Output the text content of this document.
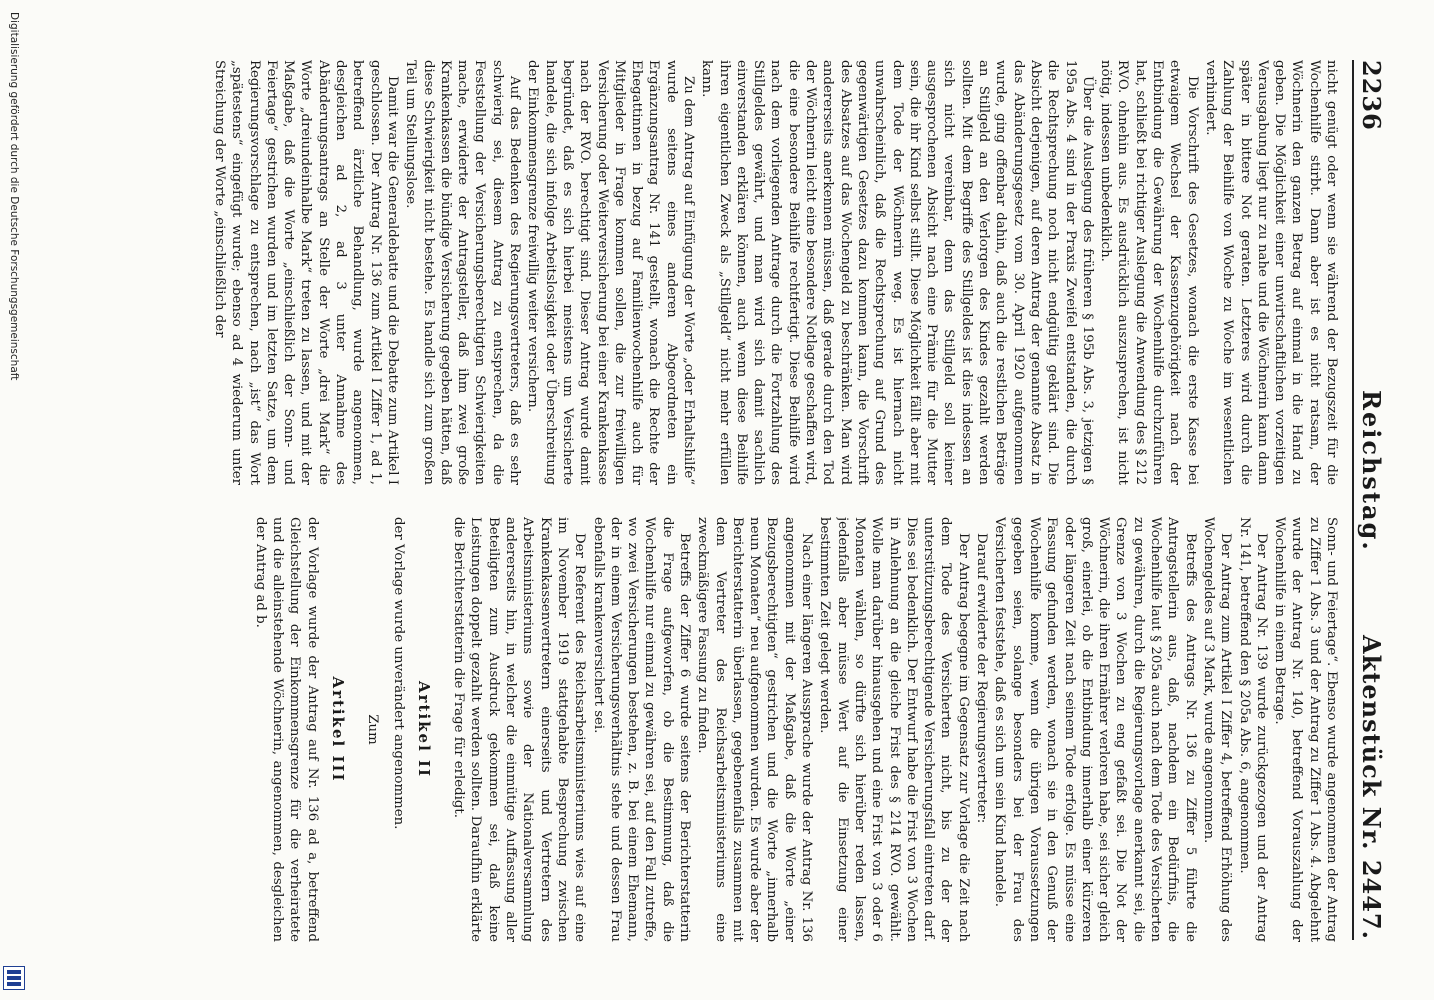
2236
Reichstag.
Aktenstück Nr. 2447.

nicht genügt oder wenn sie während der Bezugszeit für die Wochenhilfe stirbt. Dann aber ist es nicht ratsam, der Wöchnerin den ganzen Betrag auf einmal in die Hand zu geben. Die Möglichkeit einer unwirtschaftlichen vorzeitigen Verausgabung liegt nur zu nahe und die Wöchnerin kann dann später in bittere Not geraten. Letzteres wird durch die Zahlung der Beihilfe von Woche zu Woche im wesentlichen verhindert.

Die Vorschrift des Gesetzes, wonach die erste Kasse bei etwaigem Wechsel der Kassenzugehörigkeit nach der Entbindung die Gewährung der Wochenhilfe durchzuführen hat, schließt bei richtiger Auslegung die Anwendung des § 212 RVO. ohnehin aus. Es ausdrücklich auszusprechen, ist nicht nötig, indessen unbedenklich.

Über die Auslegung des früheren § 195b Abs. 3, jetzigen § 195a Abs. 4 sind in der Praxis Zweifel entstanden, die durch die Rechtsprechung noch nicht endgültig geklärt sind. Die Absicht derjenigen, auf deren Antrag der genannte Absatz in das Abänderungsgesetz vom 30. April 1920 aufgenommen wurde, ging offenbar dahin, daß auch die restlichen Beträge an Stillgeld an den Verlorgen des Kindes gezahlt werden sollten. Mit dem Begriffe des Stillgeldes ist dies indessen an sich nicht vereinbar, denn das Stillgeld soll keiner ausgesprochenen Absicht nach eine Prämie für die Mutter sein, die ihr Kind selbst stillt. Diese Möglichkeit fällt aber mit dem Tode der Wöchnerin weg. Es ist hiernach nicht unwahrscheinlich, daß die Rechtsprechung auf Grund des gegenwärtigen Gesetzes dazu kommen kann, die Vorschrift des Absatzes auf das Wochengeld zu beschränken. Man wird andererseits anerkennen müssen, daß gerade durch den Tod der Wöchnerin leicht eine besondere Notlage geschaffen wird, die eine besondere Beihilfe rechtfertigt. Diese Beihilfe wird nach dem vorliegenden Antrage durch die Fortzahlung des Stillgeldes gewährt, und man wird sich damit sachlich einverstanden erklären können, auch wenn diese Beihilfe ihren eigentlichen Zweck als „Stillgeld“ nicht mehr erfüllen kann.

Zu dem Antrag auf Einfügung der Worte „oder Erhaltshilfe“ wurde seitens eines anderen Abgeordneten ein Ergänzungsantrag Nr. 141 gestellt, wonach die Rechte der Ehegattinnen in bezug auf Familienwochenhilfe auch für Mitglieder in Frage kommen sollen, die zur freiwilligen Versicherung oder Weiterversicherung bei einer Krankenkasse nach der RVO. berechtigt sind. Dieser Antrag wurde damit begründet, daß es sich hierbei meistens um Versicherte handele, die sich infolge Arbeitslosigkeit oder Überschreitung der Einkommensgrenze freiwillig weiter versichern.

Auf das Bedenken des Regierungsvertreters, daß es sehr schwierig sei, diesem Antrag zu entsprechen, da die Feststellung der Versicherungsberechtigten Schwierigkeiten mache, erwiderte der Antragsteller, daß ihm zwei große Krankenkassen die bündige Versicherung gegeben hätten, daß diese Schwierigkeit nicht bestehe. Es handle sich zum großen Teil um Stellungslose.

Damit war die Generaldebatte und die Debatte zum Artikel I geschlossen. Der Antrag Nr. 136 zum Artikel I Ziffer 1, ad 1, betreffend ärztliche Behandlung, wurde angenommen, desgleichen ad 2, ad 3 unter Annahme des Abänderungsantrags an Stelle der Worte „drei Mark“ die Worte „dreiundeinhalbe Mark“ treten zu lassen, und mit der Maßgabe, daß die Worte „einschließlich der Sonn- und Feiertage“ gestrichen wurden und im letzten Satze, um dem Regierungsvorschlage zu entsprechen, nach „ist“ das Wort „spätestens“ eingefügt wurde; ebenso ad 4 wiederum unter Streichung der Worte „einschließlich der

Sonn- und Feiertage“. Ebenso wurde angenommen der Antrag zu Ziffer 1 Abs. 3 und der Antrag zu Ziffer 1 Abs. 4. Abgelehnt wurde der Antrag Nr. 140, betreffend Vorauszahlung der Wochenhilfe in einem Betrage.

Der Antrag Nr. 139 wurde zurückgezogen und der Antrag Nr. 141, betreffend den § 205a Abs. 6, angenommen.

Der Antrag zum Artikel I Ziffer 4, betreffend Erhöhung des Wochengeldes auf 3 Mark, wurde angenommen.

Betreffs des Antrags Nr. 136 zu Ziffer 5 führte die Antragstellerin aus, daß, nachdem ein Bedürfnis, die Wochenhilfe laut § 205a auch nach dem Tode des Versicherten zu gewähren, durch die Regierungsvorlage anerkannt sei, die Grenze von 3 Wochen zu eng gefaßt sei. Die Not der Wöchnerin, die ihren Ernährer verloren habe, sei sicher gleich groß, einerlei, ob die Entbindung innerhalb einer kürzeren oder längeren Zeit nach seinem Tode erfolge. Es müsse eine Fassung gefunden werden, wonach sie in den Genuß der Wochenhilfe komme, wenn die übrigen Voraussetzungen gegeben seien, solange besonders bei der Frau des Versicherten feststehe, daß es sich um sein Kind handele.

Darauf erwiderte der Regierungsvertreter:

Der Antrag begegne im Gegensatz zur Vorlage die Zeit nach dem Tode des Versicherten nicht, bis zu der der unterstützungsberechtigende Versicherungsfall eintreten darf. Dies sei bedenklich. Der Entwurf habe die Frist von 3 Wochen in Anlehnung an die gleiche Frist des § 214 RVO. gewählt. Wolle man darüber hinausgehen und eine Frist von 3 oder 6 Monaten wählen, so dürfte sich hierüber reden lassen, jedenfalls aber müsse Wert auf die Einsetzung einer bestimmten Zeit gelegt werden.

Nach einer längeren Aussprache wurde der Antrag Nr. 136 angenommen mit der Maßgabe, daß die Worte „einer Bezugsberechtigten“ gestrichen und die Worte „innerhalb neun Monaten“ neu aufgenommen wurden. Es wurde aber der Berichterstatterin überlassen, gegebenenfalls zusammen mit dem Vertreter des Reichsarbeitsministeriums eine zweckmäßigere Fassung zu finden.

Betreffs der Ziffer 6 wurde seitens der Berichterstatterin die Frage aufgeworfen, ob die Bestimmung, daß die Wochenhilfe nur einmal zu gewähren sei, auf den Fall zutreffe, wo zwei Versicherungen bestehen, z. B. bei einem Ehemann, der in einem Versicherungsverhältnis stehe und dessen Frau ebenfalls krankenversichert sei.

Der Referent des Reichsarbeitsministeriums wies auf eine im November 1919 stattgehabte Besprechung zwischen Krankenkassenvertretern einerseits und Vertretern des Arbeitsministeriums sowie der Nationalversammlung andererseits hin, in welcher die einmütige Auffassung aller Beteiligten zum Ausdruck gekommen sei, daß keine Leistungen doppelt gezahlt werden sollten. Daraufhin erklärte die Berichterstatterin die Frage für erledigt.

Artikel II

der Vorlage wurde unverändert angenommen.

Zum

Artikel III

der Vorlage wurde der Antrag auf Nr. 136 ad a, betreffend Gleichstellung der Einkommensgrenze für die verheiratete und die alleinstehende Wöchnerin, angenommen, desgleichen der Antrag ad b.

Digitalisierung gefördert durch die Deutsche Forschungsgemeinschaft
